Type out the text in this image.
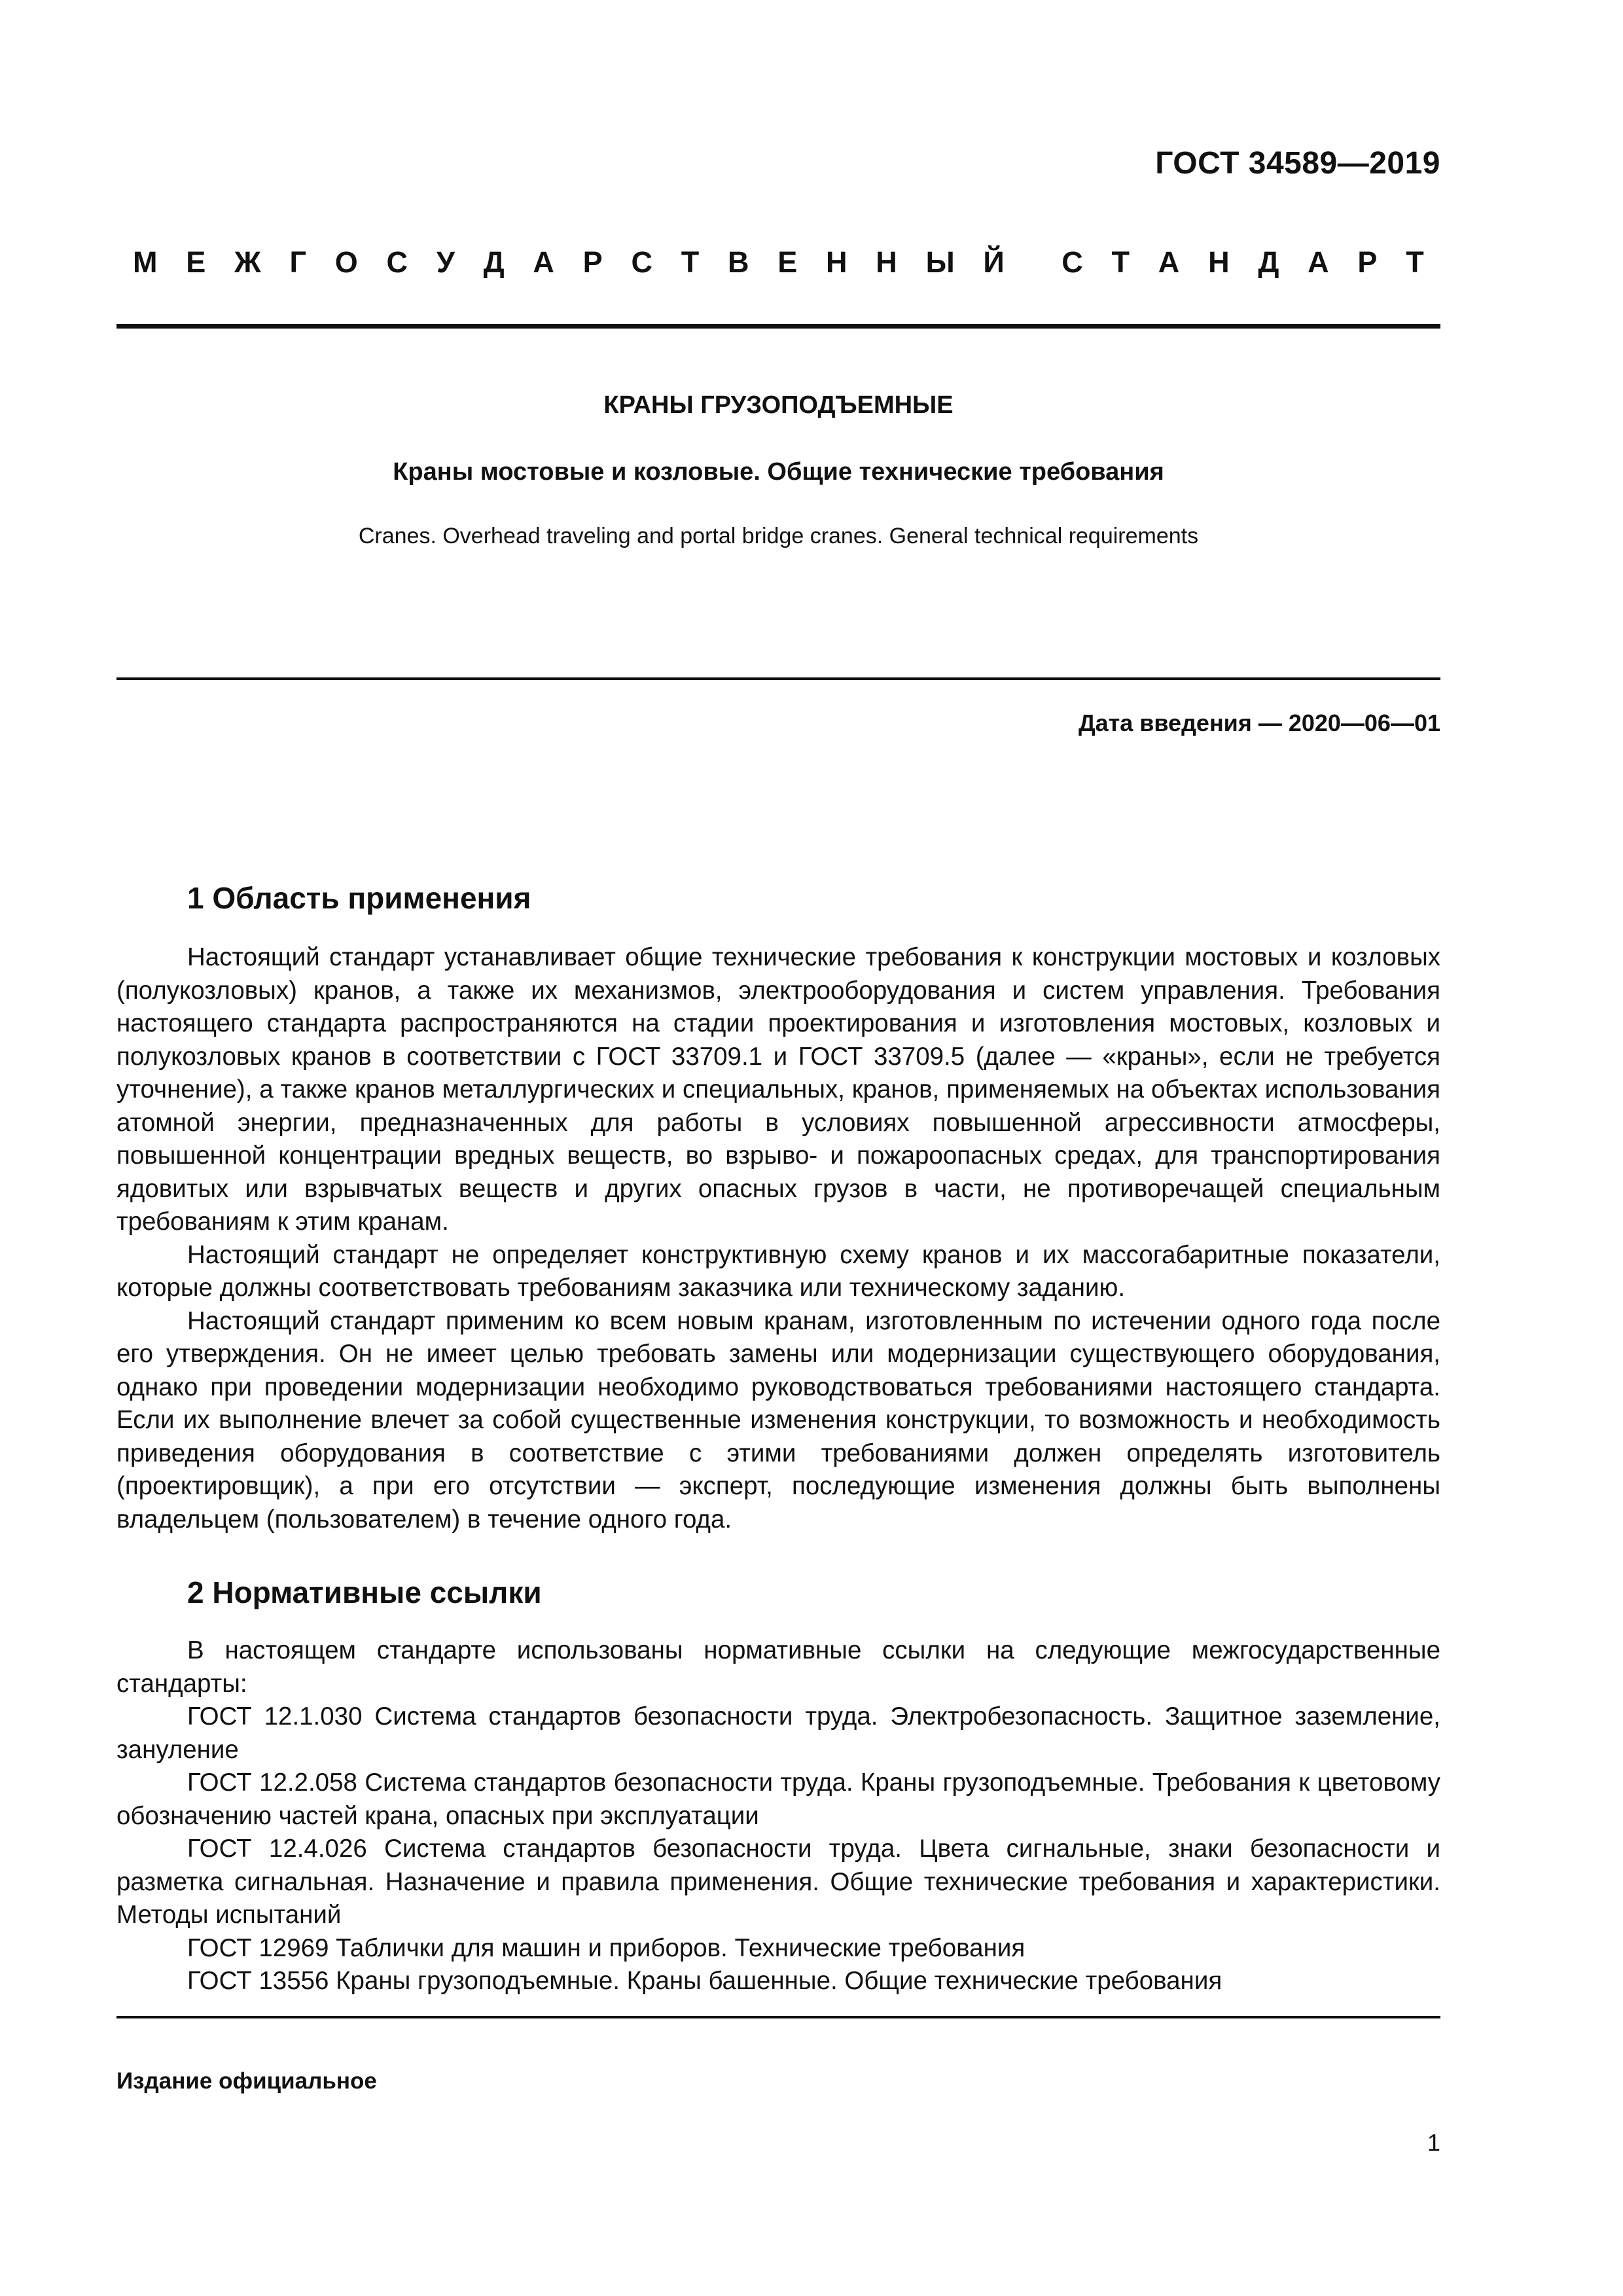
ГОСТ 34589—2019
М Е Ж Г О С У Д А Р С Т В Е Н Н Ы Й С Т А Н Д А Р Т
КРАНЫ ГРУЗОПОДЪЕМНЫЕ
Краны мостовые и козловые. Общие технические требования
Cranes. Overhead traveling and portal bridge cranes. General technical requirements
Дата введения — 2020—06—01
1 Область применения

Настоящий стандарт устанавливает общие технические требования к конструкции мостовых и козловых (полукозловых) кранов, а также их механизмов, электрооборудования и систем управления. Требования настоящего стандарта распространяются на стадии проектирования и изготовления мостовых, козловых и полукозловых кранов в соответствии с ГОСТ 33709.1 и ГОСТ 33709.5 (далее — «краны», если не требуется уточнение), а также кранов металлургических и специальных, кранов, применяемых на объектах использования атомной энергии, предназначенных для работы в условиях повышенной агрессивности атмосферы, повышенной концентрации вредных веществ, во взрыво- и пожароопасных средах, для транспортирования ядовитых или взрывчатых веществ и других опасных грузов в части, не противоречащей специальным требованиям к этим кранам.

Настоящий стандарт не определяет конструктивную схему кранов и их массогабаритные показатели, которые должны соответствовать требованиям заказчика или техническому заданию.

Настоящий стандарт применим ко всем новым кранам, изготовленным по истечении одного года после его утверждения. Он не имеет целью требовать замены или модернизации существующего оборудования, однако при проведении модернизации необходимо руководствоваться требованиями настоящего стандарта. Если их выполнение влечет за собой существенные изменения конструкции, то возможность и необходимость приведения оборудования в соответствие с этими требованиями должен определять изготовитель (проектировщик), а при его отсутствии — эксперт, последующие изменения должны быть выполнены владельцем (пользователем) в течение одного года.

2 Нормативные ссылки

В настоящем стандарте использованы нормативные ссылки на следующие межгосударственные стандарты:

ГОСТ 12.1.030 Система стандартов безопасности труда. Электробезопасность. Защитное заземление, зануление

ГОСТ 12.2.058 Система стандартов безопасности труда. Краны грузоподъемные. Требования к цветовому обозначению частей крана, опасных при эксплуатации

ГОСТ 12.4.026 Система стандартов безопасности труда. Цвета сигнальные, знаки безопасности и разметка сигнальная. Назначение и правила применения. Общие технические требования и характеристики. Методы испытаний

ГОСТ 12969 Таблички для машин и приборов. Технические требования

ГОСТ 13556 Краны грузоподъемные. Краны башенные. Общие технические требования

Издание официальное
1
